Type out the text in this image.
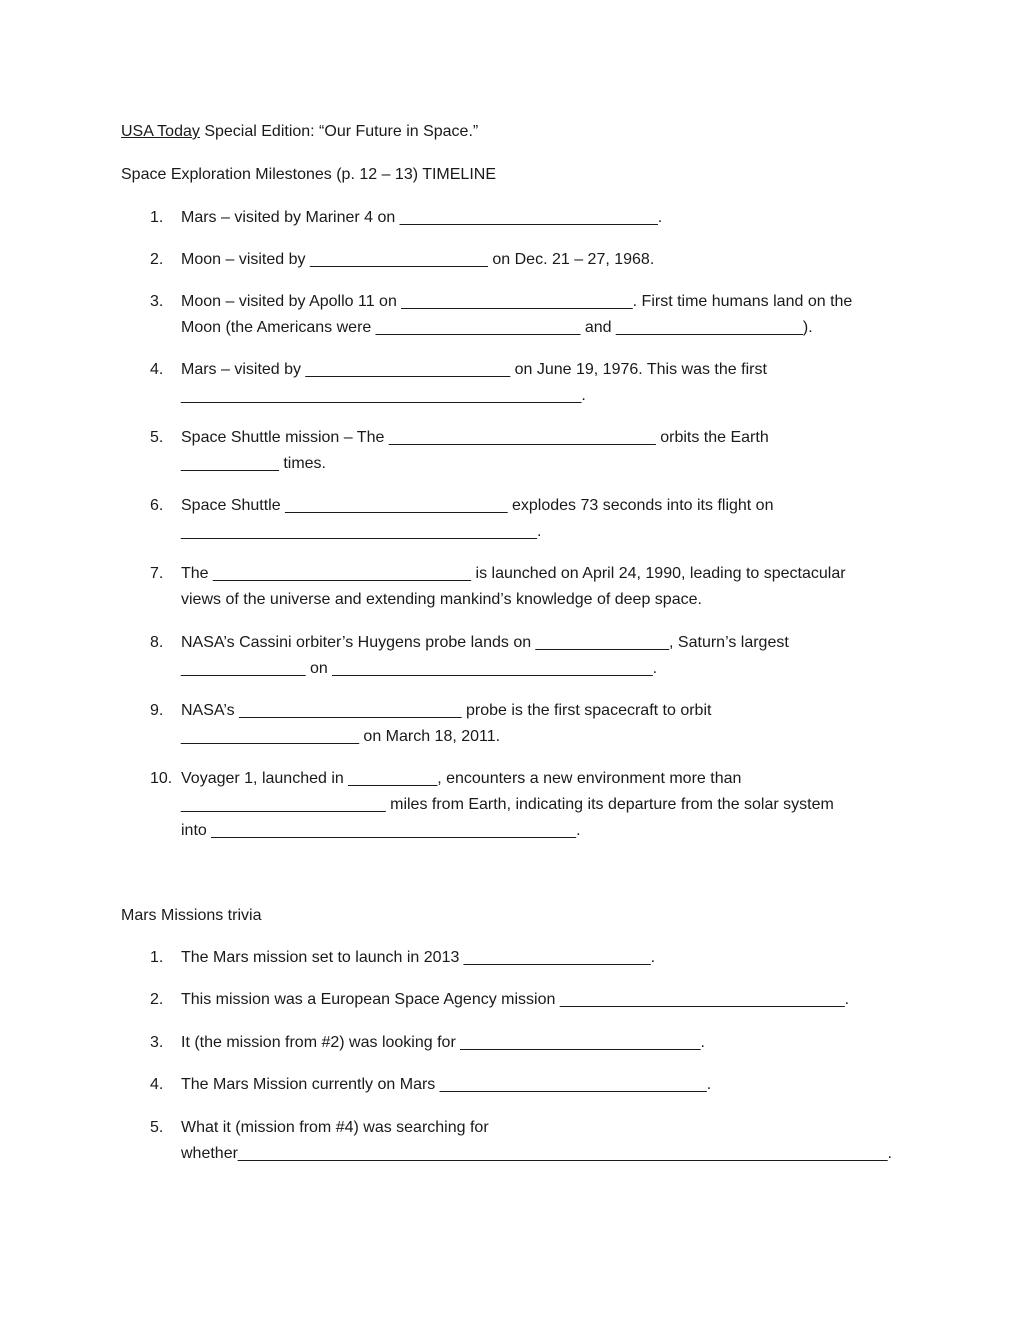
USA Today Special Edition: “Our Future in Space.”
Space Exploration Milestones (p. 12 – 13) TIMELINE
1. Mars – visited by Mariner 4 on _____________________________.
2. Moon – visited by ____________________ on Dec. 21 – 27, 1968.
3. Moon – visited by Apollo 11 on __________________________. First time humans land on the
Moon (the Americans were _______________________ and _____________________).
4. Mars – visited by _______________________ on June 19, 1976. This was the first
_____________________________________________.
5. Space Shuttle mission – The ______________________________ orbits the Earth
___________ times.
6. Space Shuttle _________________________ explodes 73 seconds into its flight on
________________________________________.
7. The _____________________________ is launched on April 24, 1990, leading to spectacular
views of the universe and extending mankind’s knowledge of deep space.
8. NASA’s Cassini orbiter’s Huygens probe lands on _______________, Saturn’s largest
______________ on ____________________________________.
9. NASA’s _________________________ probe is the first spacecraft to orbit
____________________ on March 18, 2011.
10. Voyager 1, launched in __________, encounters a new environment more than
_______________________ miles from Earth, indicating its departure from the solar system
into _________________________________________.
Mars Missions trivia
1. The Mars mission set to launch in 2013 _____________________.
2. This mission was a European Space Agency mission ________________________________.
3. It (the mission from #2) was looking for ___________________________.
4. The Mars Mission currently on Mars ______________________________.
5. What it (mission from #4) was searching for
whether_________________________________________________________________________.
